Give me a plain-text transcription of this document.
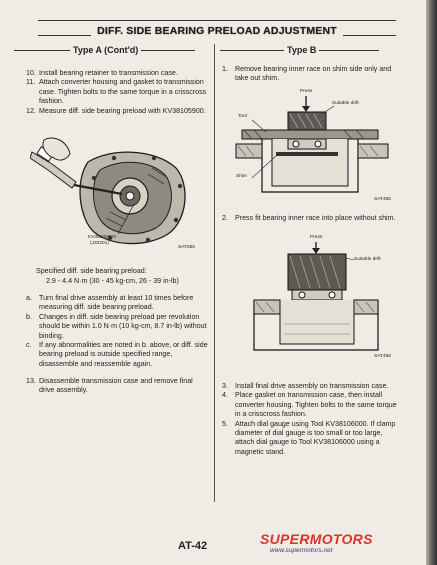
DIFF. SIDE BEARING PRELOAD ADJUSTMENT
Type A (Cont'd)	Type B
10. Install bearing retainer to transmission case.
11. Attach converter housing and gasket to transmission case. Tighten bolts to the same torque in a crisscross fashion.
12. Measure diff. side bearing preload with KV38105900.
KV38105900
(J33201)
SAT665
Specified diff. side bearing preload:
2.9 - 4.4 N·m (30 - 45 kg-cm, 26 - 39 in-lb)
a. Turn final drive assembly at least 10 times before measuring diff. side bearing preload.
b. Changes in diff. side bearing preload per revolution should be within 1.0 N·m (10 kg-cm, 8.7 in-lb) without binding.
c.	If any abnormalities are noted in b. above, or diff. side bearing preload is outside specified range, disassemble and reassemble again.
13. Disassemble transmission case and remove final drive assembly.
1. Remove bearing inner race on shim side only and take out shim.
Press
Suitable drift
Tool
Shim
SAT455
2. Press fit bearing inner race into place without shim.
Press
Suitable drift
SAT456
3. Install final drive assembly on transmission case.
4. Place gasket on transmission case, then install converter housing. Tighten bolts to the same torque in a crisscross fashion.
5. Attach dial gauge using Tool KV38106000. If clamp diameter of dial gauge is too small or too large, attach dial gauge to Tool KV38106000 using a magnetic stand.
AT-42	SUPERMOTORS
www.supermotors.net
